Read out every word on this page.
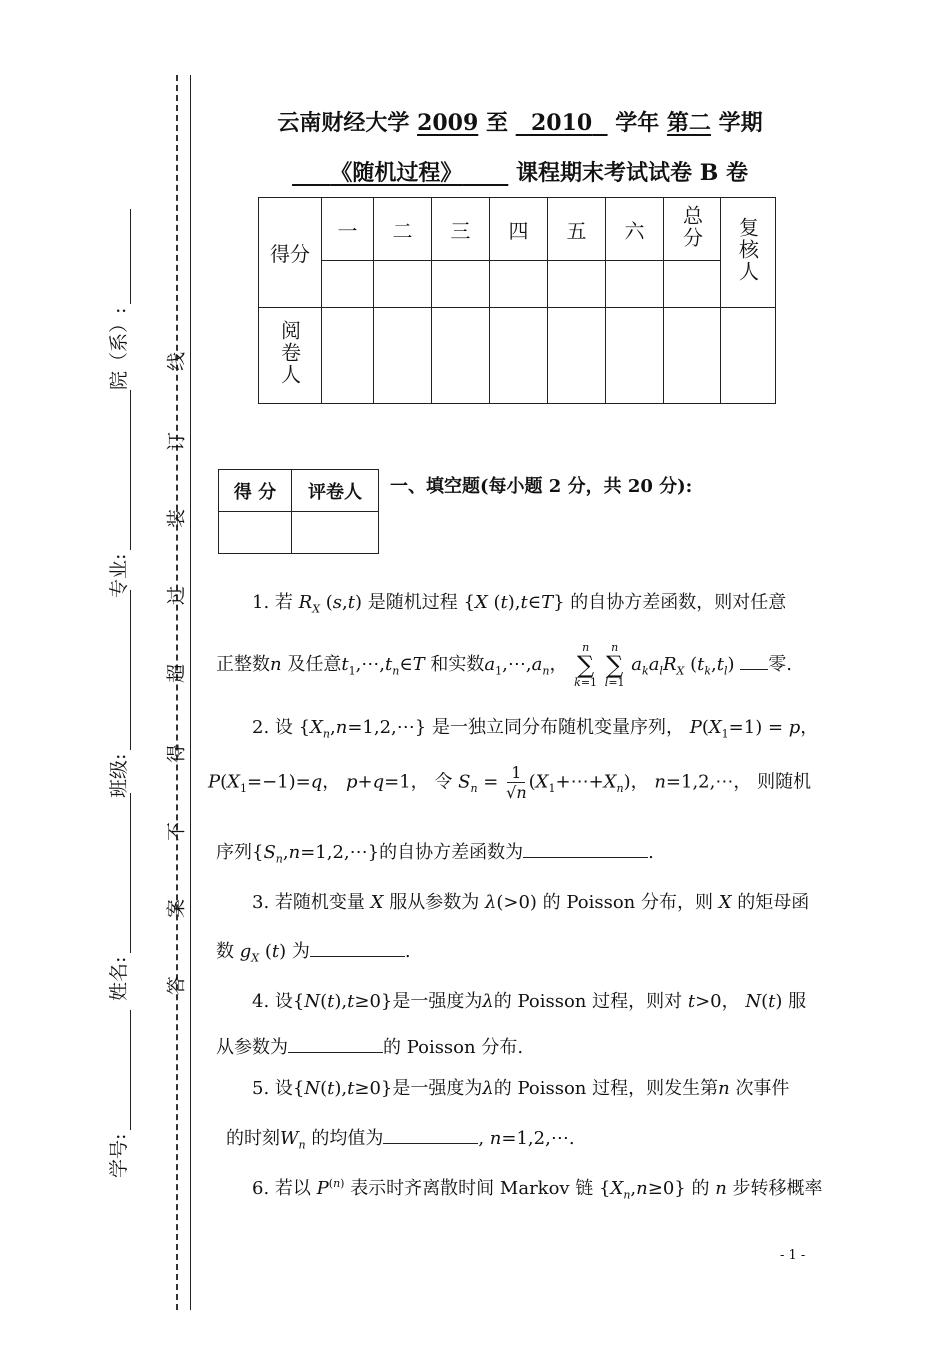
院（系）:
专业:
班级:
姓名:
学号:
答
案
不
得
超
过
装
订
线
云南财经大学 2009 至 2010 学年 第二 学期
《随机过程》 课程期末考试试卷 B 卷
得分	一	二	三	四	五	六	总分	复核人

阅卷人								
得 分	评卷人
	一、填空题(每小题 2 分，共 20 分):
1. 若 $R_X$ (s,t) 是随机过程 {X (t),t∈T} 的自协方差函数，则对任意
正整数n 及任意$t_1,\cdots,t_n\in T$ 和实数$a_1,\cdots,a_n$，
n
∑
k=1

n
∑
l=1
$a_ka_lR_X$ $(t_k,t_l)$ 零.
2. 设 $\{X_n,n=1,2,\cdots\}$ 是一独立同分布随机变量序列， $P(X_1=1) = p$，
$P(X_1=-1)=q$， p+q=1， 令 $S_n = \frac{1}{√n}$ $(X_1+\cdots+X_n)$， n=1,2,⋯， 则随机
序列$\{S_n,n=1,2,\cdots\}$的自协方差函数为	.
3. 若随机变量 X 服从参数为 λ(>0) 的 Poisson 分布，则 X 的矩母函
数 $g_X$ (t) 为	.
4. 设{N(t),t≥0}是一强度为λ的 Poisson 过程，则对 t>0， N(t) 服
从参数为	的 Poisson 分布.
5. 设{N(t),t≥0}是一强度为λ的 Poisson 过程，则发生第n 次事件
的时刻$W_n$ 的均值为	, n=1,2,⋯.
6. 若以 $P^{(n)}$ 表示时齐离散时间 Markov 链 $\{X_n,n\ge 0\}$ 的 n 步转移概率
- 1 -
